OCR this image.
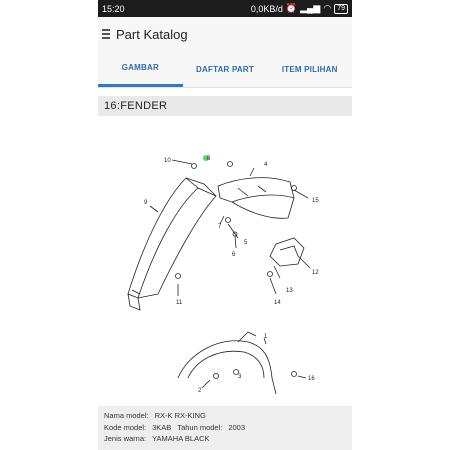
15:20	0,0KB/d ⏰ ▂▄▆ ◠ 79
Part Katalog
GAMBAR	DAFTAR PART	ITEM PILIHAN
16:FENDER
10
9
11
8
4
7
6
5
14
13
12
15
1
2
3	16
Nama model: RX-K RX-KING
Kode model: 3KAB Tahun model: 2003
Jenis warna: YAMAHA BLACK
